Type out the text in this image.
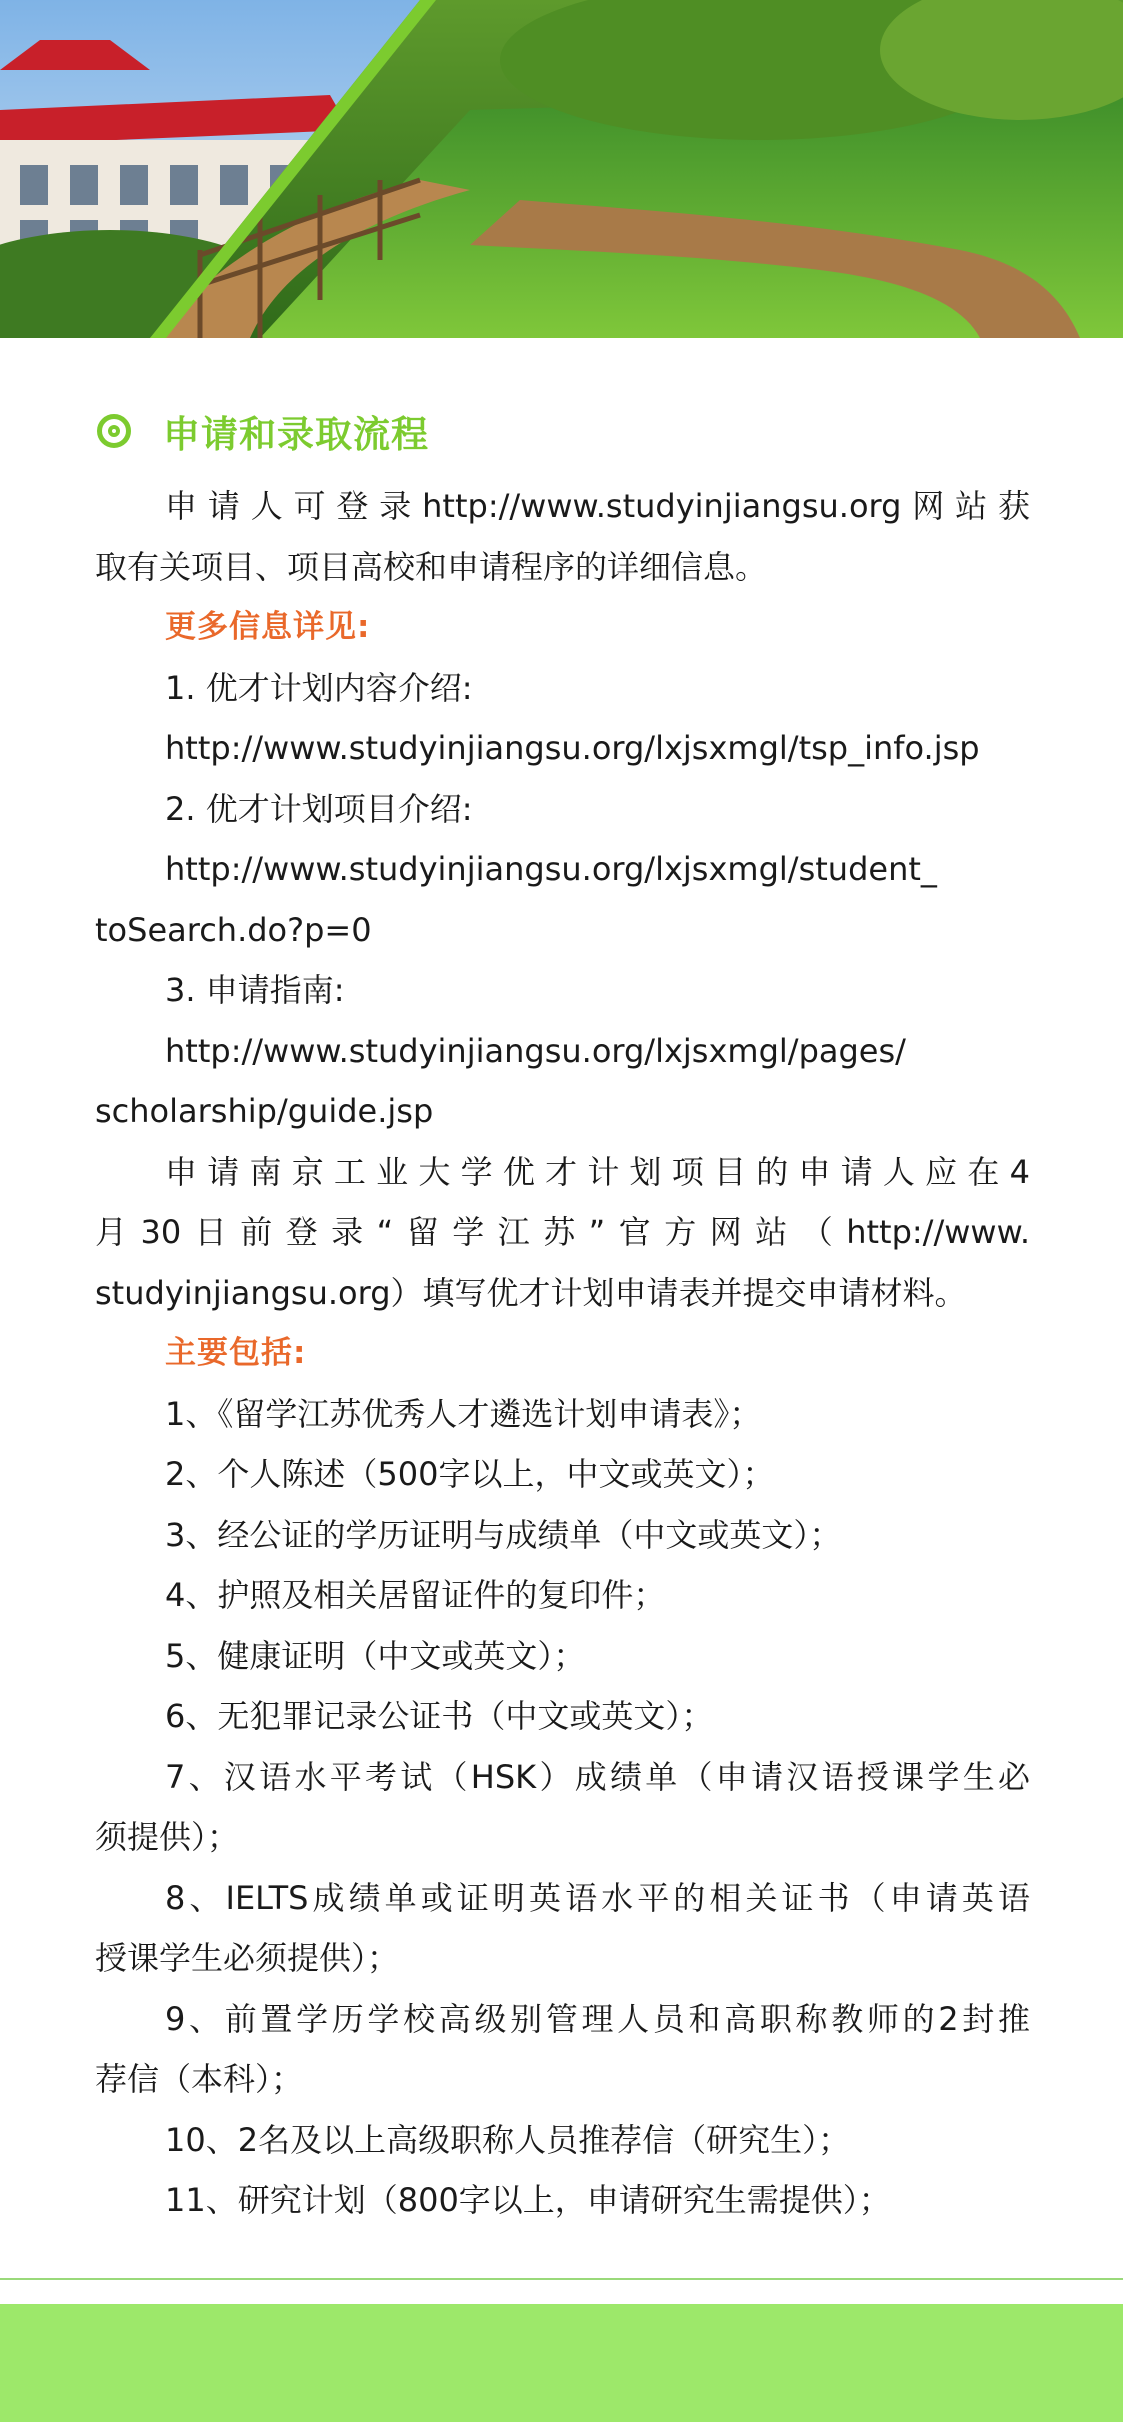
申请和录取流程

申请人可登录http://www.studyinjiangsu.org网站获

取有关项目、项目高校和申请程序的详细信息。

更多信息详见:

1. 优才计划内容介绍:

http://www.studyinjiangsu.org/lxjsxmgl/tsp_info.jsp

2. 优才计划项目介绍:

http://www.studyinjiangsu.org/lxjsxmgl/student_

toSearch.do?p=0

3. 申请指南:

http://www.studyinjiangsu.org/lxjsxmgl/pages/

scholarship/guide.jsp

申请南京工业大学优才计划项目的申请人应在4

月30日前登录“留学江苏”官方网站（http://www.

studyinjiangsu.org）填写优才计划申请表并提交申请材料。

主要包括:

1、《留学江苏优秀人才遴选计划申请表》；

2、个人陈述（500字以上，中文或英文）；

3、经公证的学历证明与成绩单（中文或英文）；

4、护照及相关居留证件的复印件；

5、健康证明（中文或英文）；

6、无犯罪记录公证书（中文或英文）；

7、汉语水平考试（HSK）成绩单（申请汉语授课学生必

须提供）；

8、IELTS成绩单或证明英语水平的相关证书（申请英语

授课学生必须提供）；

9、前置学历学校高级别管理人员和高职称教师的2封推

荐信（本科）；

10、2名及以上高级职称人员推荐信（研究生）；

11、研究计划（800字以上，申请研究生需提供）；
